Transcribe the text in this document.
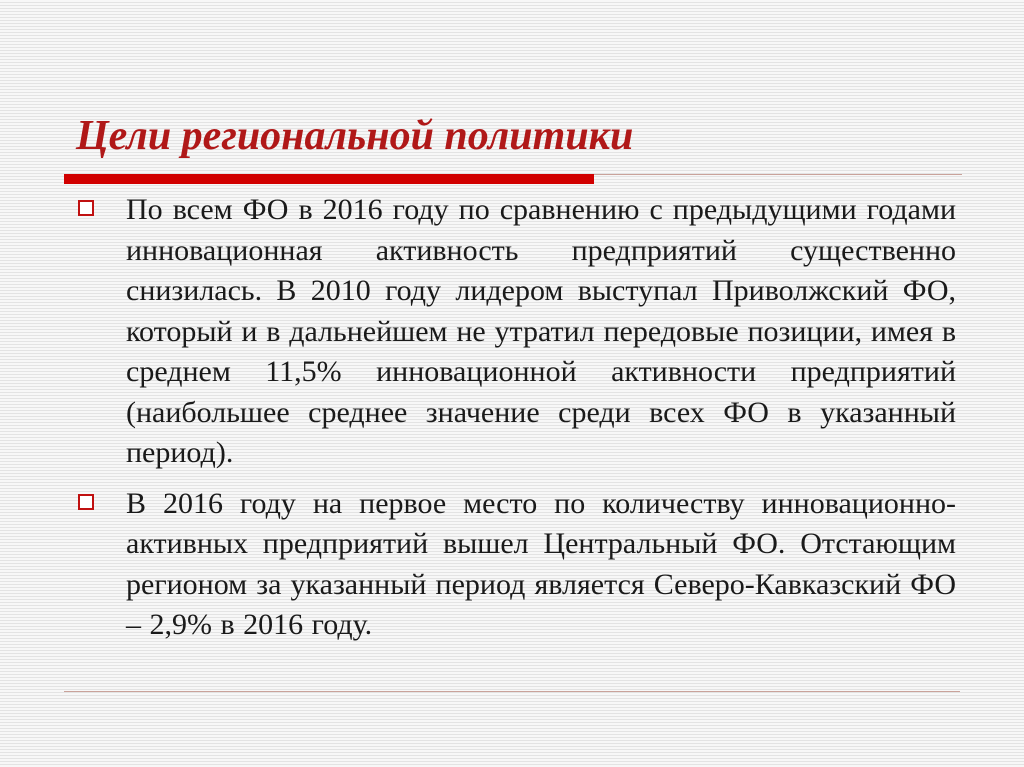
Цели региональной политики
По всем ФО в 2016 году по сравнению с предыдущими годами инновационная активность предприятий существенно снизилась. В 2010 году лидером выступал Приволжский ФО, который и в дальнейшем не утратил передовые позиции, имея в среднем 11,5% инновационной активности предприятий (наибольшее среднее значение среди всех ФО в указанный период).
В 2016 году на первое место по количеству инновационно-активных предприятий вышел Центральный ФО. Отстающим регионом за указанный период является Северо-Кавказский ФО – 2,9% в 2016 году.
